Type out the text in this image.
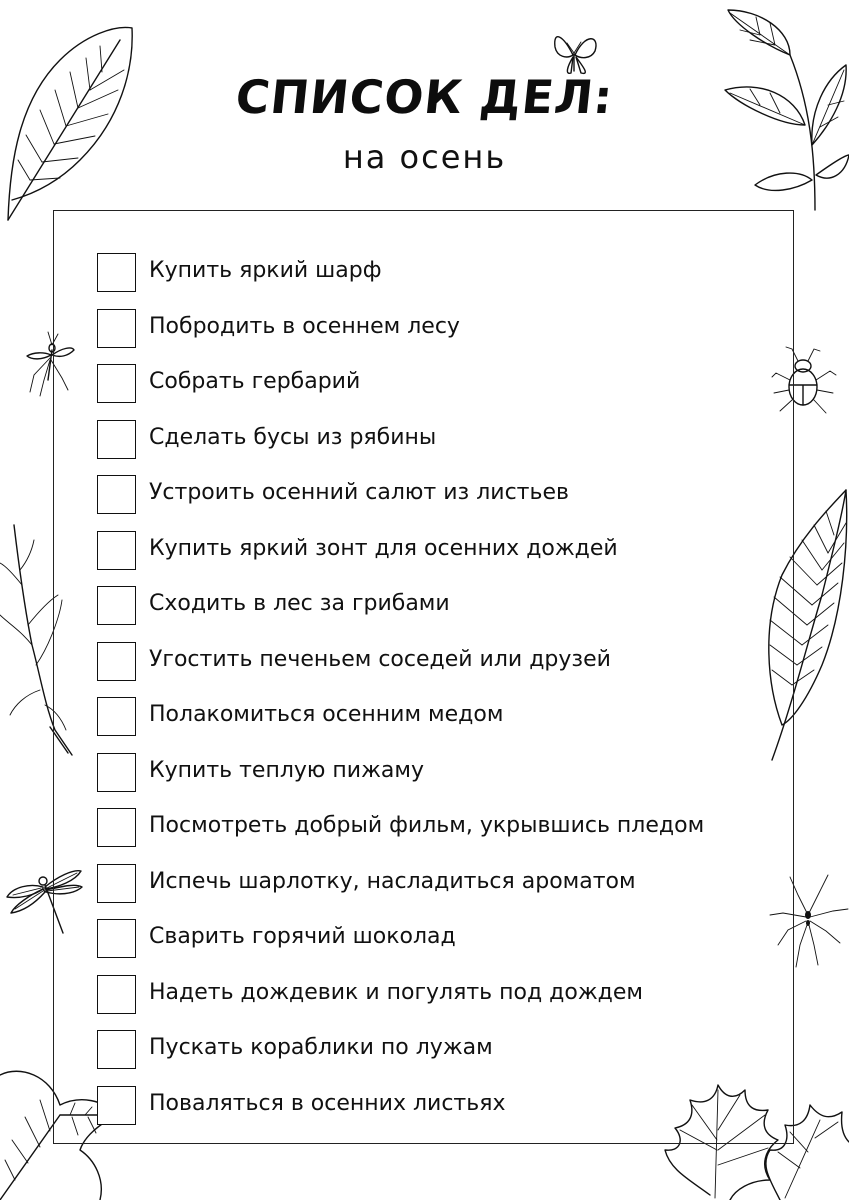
СПИСОК ДЕЛ:
на осень
Купить яркий шарф
Побродить в осеннем лесу
Собрать гербарий
Сделать бусы из рябины
Устроить осенний салют из листьев
Купить яркий зонт для осенних дождей
Сходить в лес за грибами
Угостить печеньем соседей или друзей
Полакомиться осенним медом
Купить теплую пижаму
Посмотреть добрый фильм, укрывшись пледом
Испечь шарлотку, насладиться ароматом
Сварить горячий шоколад
Надеть дождевик и погулять под дождем
Пускать кораблики по лужам
Поваляться в осенних листьях
